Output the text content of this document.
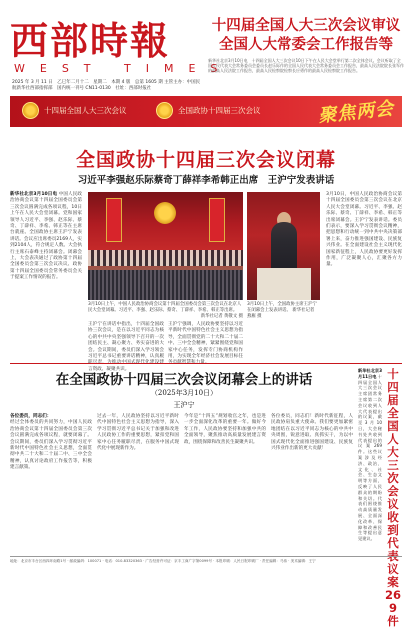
西部時報
WEST TIMES
2025 年 3 月 11 日　乙巳年二月十二　星期二　本期 4 版　总第 1605 期 主管主办：中国民航新华社西部指挥部　国内统一刊号 CN11-0130　社址：西部时报社
十四届全国人大三次会议审议
全国人大常委会工作报告等
新华社北京3月10日电　十四届全国人大三次会议10日下午在人民大会堂举行第二次全体会议。会议听取了全国人民代表大会常务委员会委员长赵乐际作的全国人民代表大会常务委员会工作报告，最高人民法院院长张军作的最高人民法院工作报告，最高人民检察院检察长应勇作的最高人民检察院工作报告。
十四届全国人大三次会议	全国政协十四届三次会议	聚焦两会
全国政协十四届三次会议闭幕
习近平李强赵乐际蔡奇丁薛祥李希韩正出席　王沪宁发表讲话
新华社北京3月10日电 中国人民政治协商会议第十四届全国委员会第三次会议圆满完成各项议程，10日上午在人民大会堂闭幕。党和国家领导人习近平、李强、赵乐际、蔡奇、丁薛祥、李希、韩正等在主席台就座。全国政协主席王沪宁发表讲话。会议应出席委员2169人，实到2104人，符合规定人数。大会执行主席石泰峰主持闭幕会。闭幕会上，大会表决通过了政协第十四届全国委员会第三次会议决议、政协第十四届全国委员会常务委员会关于提案工作情况的报告。
3月10日上午，中国人民政治协商会议第十四届全国委员会第三次会议在北京人民大会堂闭幕。习近平、李强、赵乐际、蔡奇、丁薛祥、李希、韩正等出席。
新华社记者 黄敬文 摄
3月10日上午，全国政协主席王沪宁在闭幕会上发表讲话。 新华社记者 燕雁 摄
王沪宁在讲话中指出，十四届全国政协三次会议，是在以习近平同志为核心的中共中央坚强领导下召开的一次团结民主、凝心聚力、务实奋进的大会。会议期间，委员们深入学习领会习近平总书记重要讲话精神，认真履 言资政、凝聚共识。
王沪宁强调，人民政协要坚持以习近平新时代中国特色社会主义思想为指导，全面贯彻党的二十大和二十届二中、三中全会精神，紧紧围绕党和国家中心任务，发挥专门协商机构作用，为实现全年经济社会发展目标任
3月10日，中国人民政治协商会议第十四届全国委员会第三次会议在北京人民大会堂闭幕。习近平、李强、赵乐际、蔡奇、丁薛祥、李希、韩正等出席闭幕会。王沪宁发表讲话。委员们表示，要深入学习贯彻会议精神，把思想和行动统一到中共中央决策部署上来，奋力推进强国建设、民族复兴伟业。在全面建设社会主义现代化国家新征程上，人民政协要更好发挥作用，广泛凝聚人心，汇聚各方力量。
在全国政协十四届三次会议闭幕会上的讲话
（2025年3月10日）
王沪宁
各位委员，同志们：
经过全体委员的共同努力，中国人民政治协商会议第十四届全国委员会第三次会议圆满完成各项议程，就要闭幕了。会议期间，委员们深入学习贯彻习近平新时代中国特色社会主义思想，全面贯彻中共二十大和二十届二中、三中全会精神，认真讨论政府工作报告等，积极建言献策。
过去一年，人民政协坚持以习近平新时代中国特色社会主义思想为指导，深入学习贯彻习近平总书记关于加强和改进人民政协工作的重要思想，紧扣党和国家中心任务履职尽责，在服务中国式现代化中展现新作为。
今年是“十四五”规划收官之年，也是进一步全面深化改革的重要一年。做好今年工作，人民政协要坚持和加强中共的全面领导，聚焦推动高质量发展建言资政，围绕保障和改善民生凝聚共识。
各位委员，同志们！新时代新征程，人民政协肩负重大使命。我们要更加紧密地团结在以习近平同志为核心的中共中央周围，锐意进取、真抓实干，为以中国式现代化全面推进强国建设、民族复兴伟业作出新的更大贡献！
新华社北京3月11日电 十四届全国人大三次会议主席团常务主席第二次会议收到人大代表提出的议案，截至3月10日，大会秘书处共收到代表提出的议案269件。这些议案涉及经济、政治、文化、社会、生态文明等方面，反映了人民群众的期盼和关切。代表们围绕推动高质量发展、全面深化改革、保障和改善民生等提出意见建议。
十四届全国人大三次会议收到代表议案269件
地址：北京市丰台区西四环南路1号 · 邮政编码：100071 · 电话：010-83320363 · 广告经营许可证：京丰工商广字第0099号 · 本报印刷：人民日报印刷厂 · 责任编辑：马伟 · 美术编辑：王宁
